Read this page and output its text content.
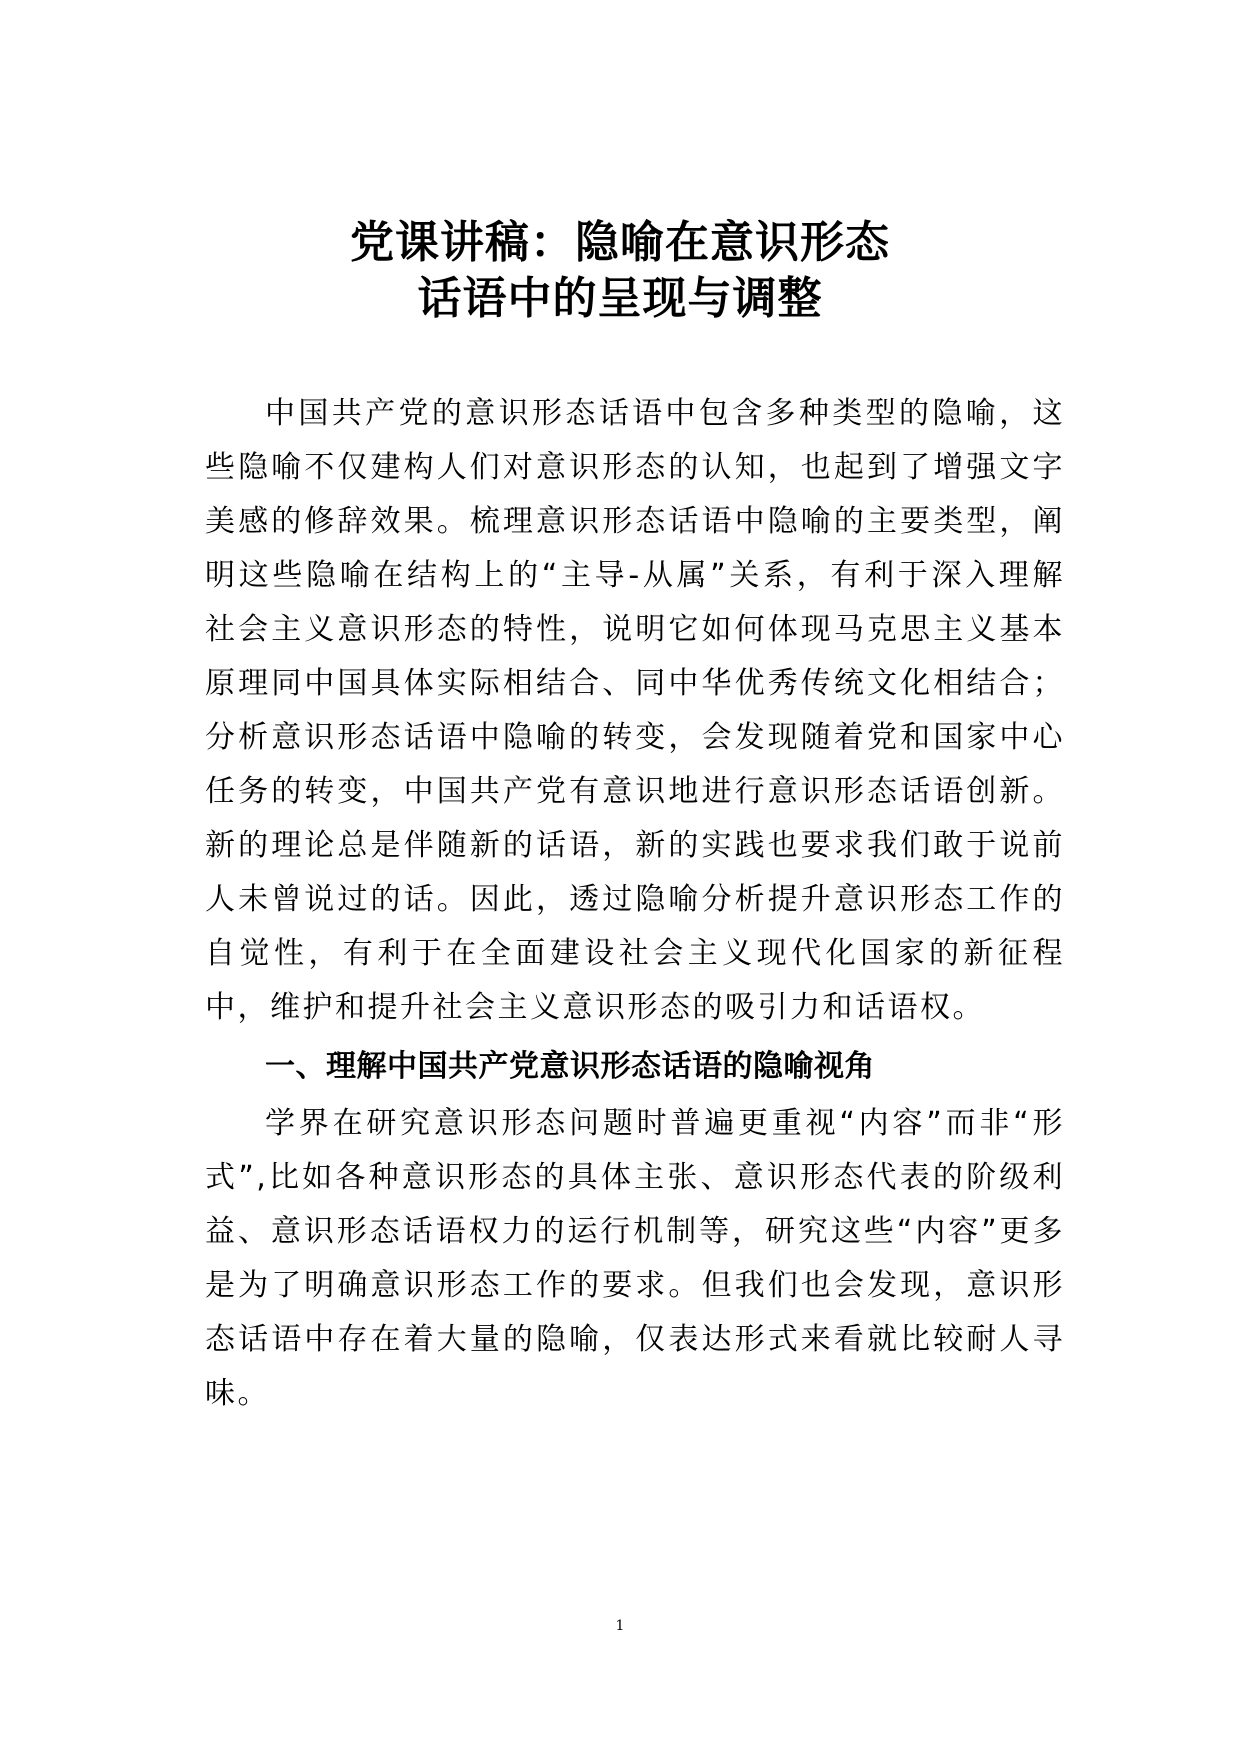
党课讲稿：隐喻在意识形态
话语中的呈现与调整

中国共产党的意识形态话语中包含多种类型的隐喻，这些隐喻不仅建构人们对意识形态的认知，也起到了增强文字美感的修辞效果。梳理意识形态话语中隐喻的主要类型，阐明这些隐喻在结构上的“主导-从属”关系，有利于深入理解社会主义意识形态的特性，说明它如何体现马克思主义基本原理同中国具体实际相结合、同中华优秀传统文化相结合；分析意识形态话语中隐喻的转变，会发现随着党和国家中心任务的转变，中国共产党有意识地进行意识形态话语创新。新的理论总是伴随新的话语，新的实践也要求我们敢于说前人未曾说过的话。因此，透过隐喻分析提升意识形态工作的自觉性，有利于在全面建设社会主义现代化国家的新征程中，维护和提升社会主义意识形态的吸引力和话语权。

一、理解中国共产党意识形态话语的隐喻视角

学界在研究意识形态问题时普遍更重视“内容”而非“形式”,比如各种意识形态的具体主张、意识形态代表的阶级利益、意识形态话语权力的运行机制等，研究这些“内容”更多是为了明确意识形态工作的要求。但我们也会发现，意识形态话语中存在着大量的隐喻，仅表达形式来看就比较耐人寻味。

1
